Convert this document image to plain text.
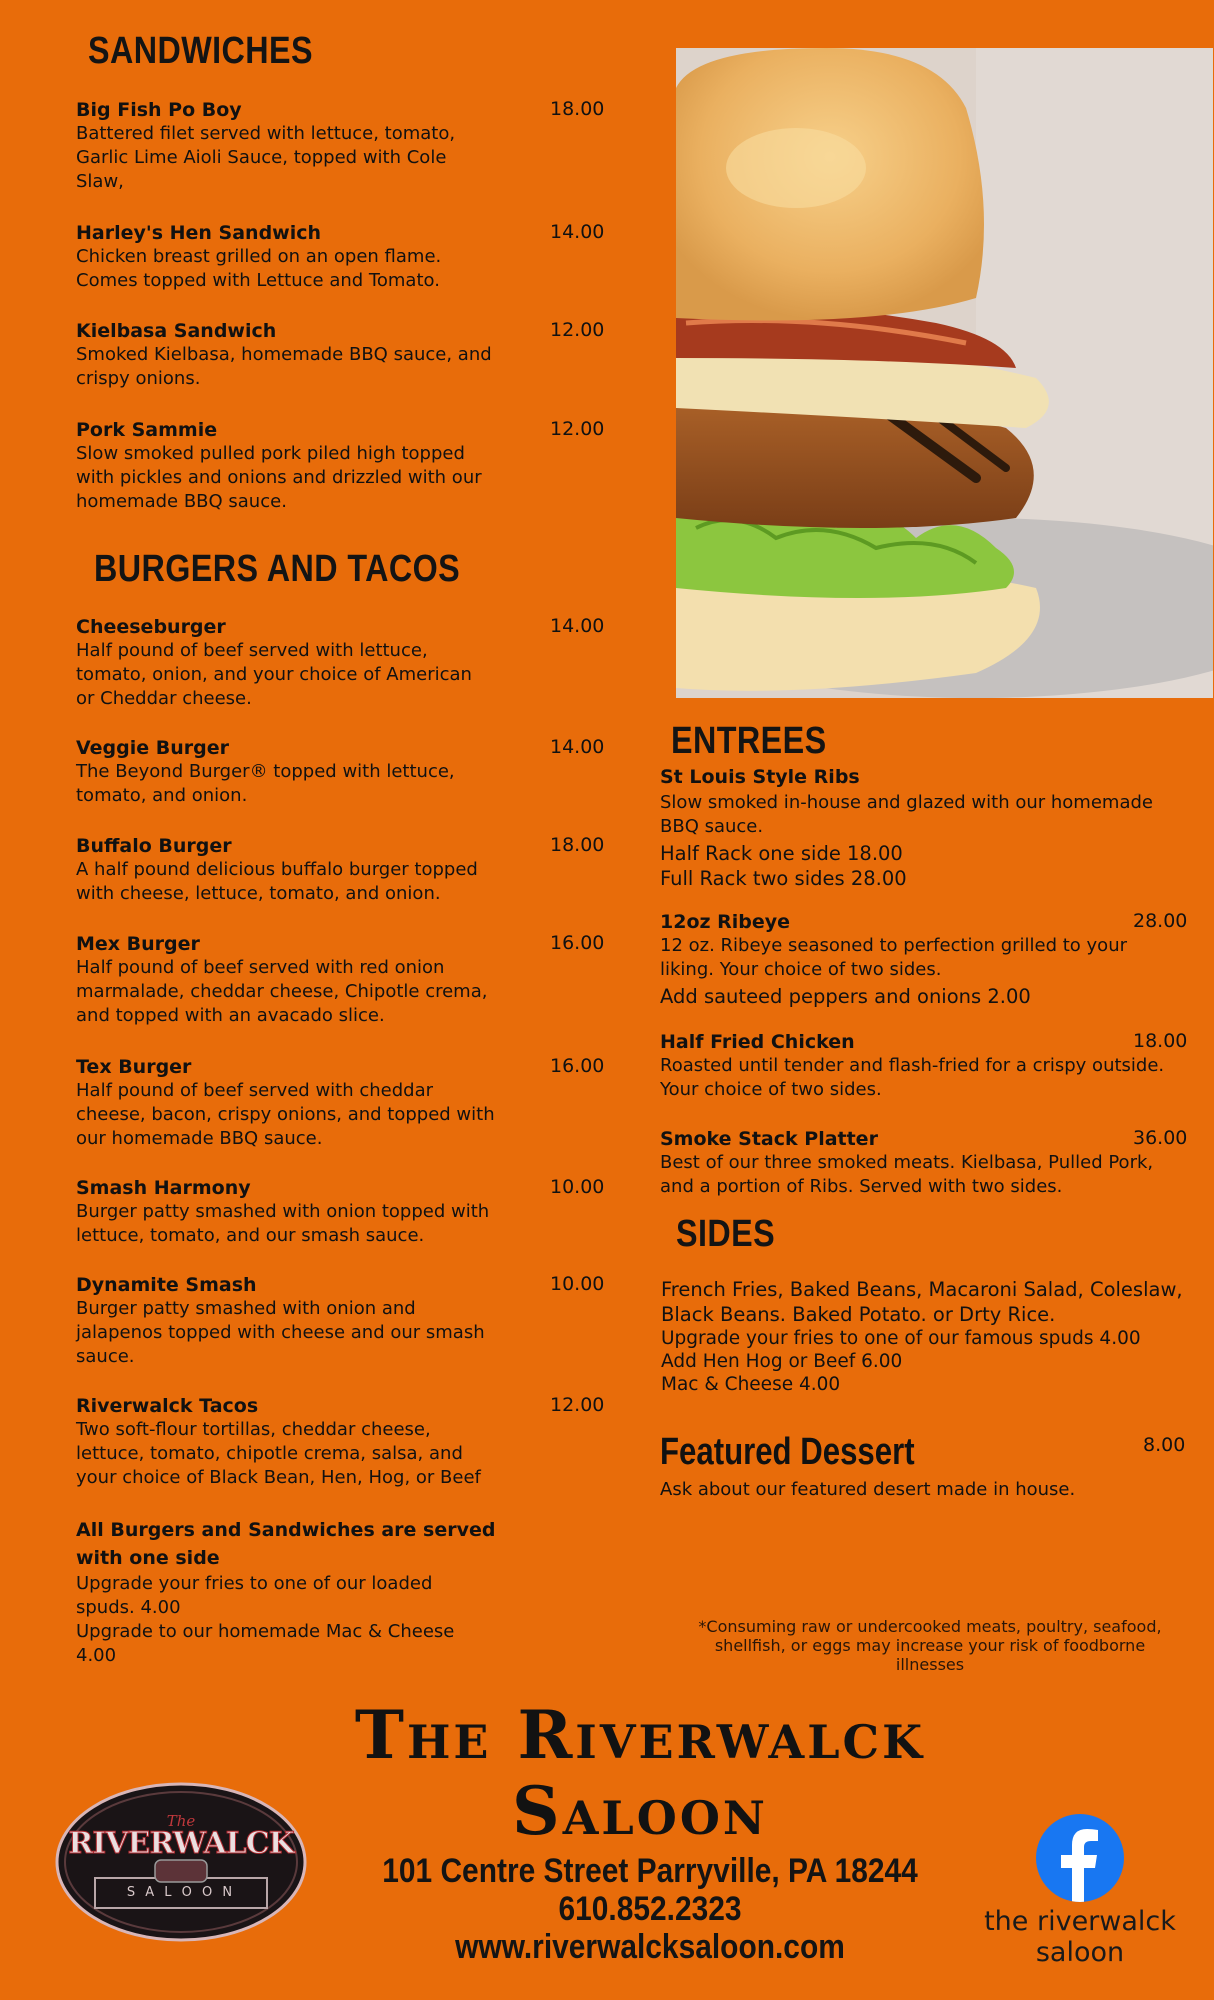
SANDWICHES
Big Fish Po Boy	18.00
Battered filet served with lettuce, tomato, Garlic Lime Aioli Sauce, topped with Cole Slaw,
Harley's Hen Sandwich	14.00
Chicken breast grilled on an open flame. Comes topped with Lettuce and Tomato.
Kielbasa Sandwich	12.00
Smoked Kielbasa, homemade BBQ sauce, and crispy onions.
Pork Sammie	12.00
Slow smoked pulled pork piled high topped with pickles and onions and drizzled with our homemade BBQ sauce.
BURGERS AND TACOS
Cheeseburger	14.00
Half pound of beef served with lettuce, tomato, onion, and your choice of American or Cheddar cheese.
Veggie Burger	14.00
The Beyond Burger® topped with lettuce, tomato, and onion.
Buffalo Burger	18.00
A half pound delicious buffalo burger topped with cheese, lettuce, tomato, and onion.
Mex Burger	16.00
Half pound of beef served with red onion marmalade, cheddar cheese, Chipotle crema, and topped with an avacado slice.
Tex Burger	16.00
Half pound of beef served with cheddar cheese, bacon, crispy onions, and topped with our homemade BBQ sauce.
Smash Harmony	10.00
Burger patty smashed with onion topped with lettuce, tomato, and our smash sauce.
Dynamite Smash	10.00
Burger patty smashed with onion and jalapenos topped with cheese and our smash sauce.
Riverwalck Tacos	12.00
Two soft-flour tortillas, cheddar cheese, lettuce, tomato, chipotle crema, salsa, and your choice of Black Bean, Hen, Hog, or Beef
All Burgers and Sandwiches are served with one side
Upgrade your fries to one of our loaded spuds. 4.00
Upgrade to our homemade Mac & Cheese 4.00
ENTREES
St Louis Style Ribs
Slow smoked in-house and glazed with our homemade BBQ sauce.
Half Rack one side 18.00
Full Rack two sides 28.00
12oz Ribeye	28.00
12 oz. Ribeye seasoned to perfection grilled to your liking. Your choice of two sides.
Add sauteed peppers and onions 2.00
Half Fried Chicken	18.00
Roasted until tender and flash-fried for a crispy outside. Your choice of two sides.
Smoke Stack Platter	36.00
Best of our three smoked meats. Kielbasa, Pulled Pork, and a portion of Ribs. Served with two sides.
SIDES
French Fries, Baked Beans, Macaroni Salad, Coleslaw,
Black Beans. Baked Potato. or Drty Rice.
Upgrade your fries to one of our famous spuds 4.00
Add Hen Hog or Beef 6.00
Mac & Cheese 4.00
Featured Dessert	8.00
Ask about our featured desert made in house.
*Consuming raw or undercooked meats, poultry, seafood, shellfish, or eggs may increase your risk of foodborne illnesses
The Riverwalck
Saloon
101 Centre Street Parryville, PA 18244
610.852.2323
www.riverwalcksaloon.com
The
RIVERWALCK
S A L O O N
the riverwalck
saloon
